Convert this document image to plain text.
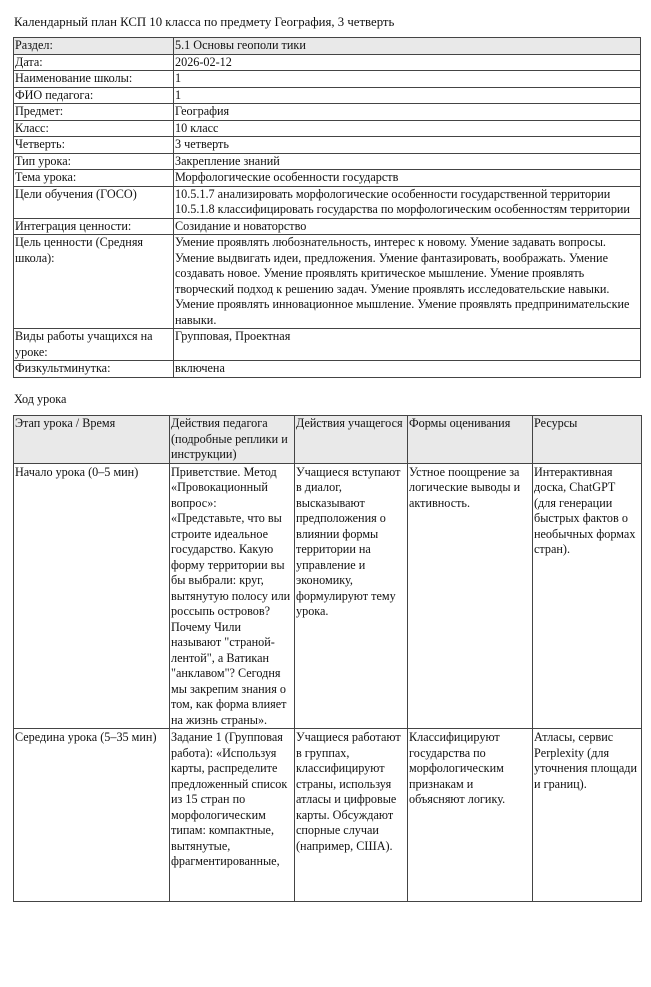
Календарный план КСП 10 класса по предмету География, 3 четверть
Раздел:	5.1 Основы геополи тики
Дата:	2026-02-12
Наименование школы:	1
ФИО педагога:	1
Предмет:	География
Класс:	10 класс
Четверть:	3 четверть
Тип урока:	Закрепление знаний
Тема урока:	Морфологические особенности государств
Цели обучения (ГОСО)	10.5.1.7 анализировать морфологические особенности государственной территории 10.5.1.8 классифицировать государства по морфологическим особенностям территории
Интеграция ценности:	Созидание и новаторство
Цель ценности (Средняя школа):	Умение проявлять любознательность, интерес к новому. Умение задавать вопросы. Умение выдвигать идеи, предложения. Умение фантазировать, воображать. Умение создавать новое. Умение проявлять критическое мышление. Умение проявлять творческий подход к решению задач. Умение проявлять исследовательские навыки. Умение проявлять инновационное мышление. Умение проявлять предпринимательские навыки.
Виды работы учащихся на уроке:	Групповая, Проектная
Физкультминутка:	включена
Ход урока
Этап урока / Время	Действия педагога (подробные реплики и инструкции)	Действия учащегося	Формы оценивания	Ресурсы
Начало урока (0–5 мин)	Приветствие. Метод «Провокационный вопрос»: «Представьте, что вы строите идеальное государство. Какую форму территории вы бы выбрали: круг, вытянутую полосу или россыпь островов? Почему Чили называют "страной-лентой", а Ватикан "анклавом"? Сегодня мы закрепим знания о том, как форма влияет на жизнь страны».	Учащиеся вступают в диалог, высказывают предположения о влиянии формы территории на управление и экономику, формулируют тему урока.	Устное поощрение за логические выводы и активность.	Интерактивная доска, ChatGPT (для генерации быстрых фактов о необычных формах стран).

Середина урока (5–35 мин)	Задание 1 (Групповая работа): «Используя карты, распределите предложенный список из 15 стран по морфологическим типам: компактные, вытянутые, фрагментированные,	Учащиеся работают в группах, классифицируют страны, используя атласы и цифровые карты. Обсуждают спорные случаи (например, США).	Классифицируют государства по морфологическим признакам и объясняют логику.	Атласы, сервис Perplexity (для уточнения площади и границ).
